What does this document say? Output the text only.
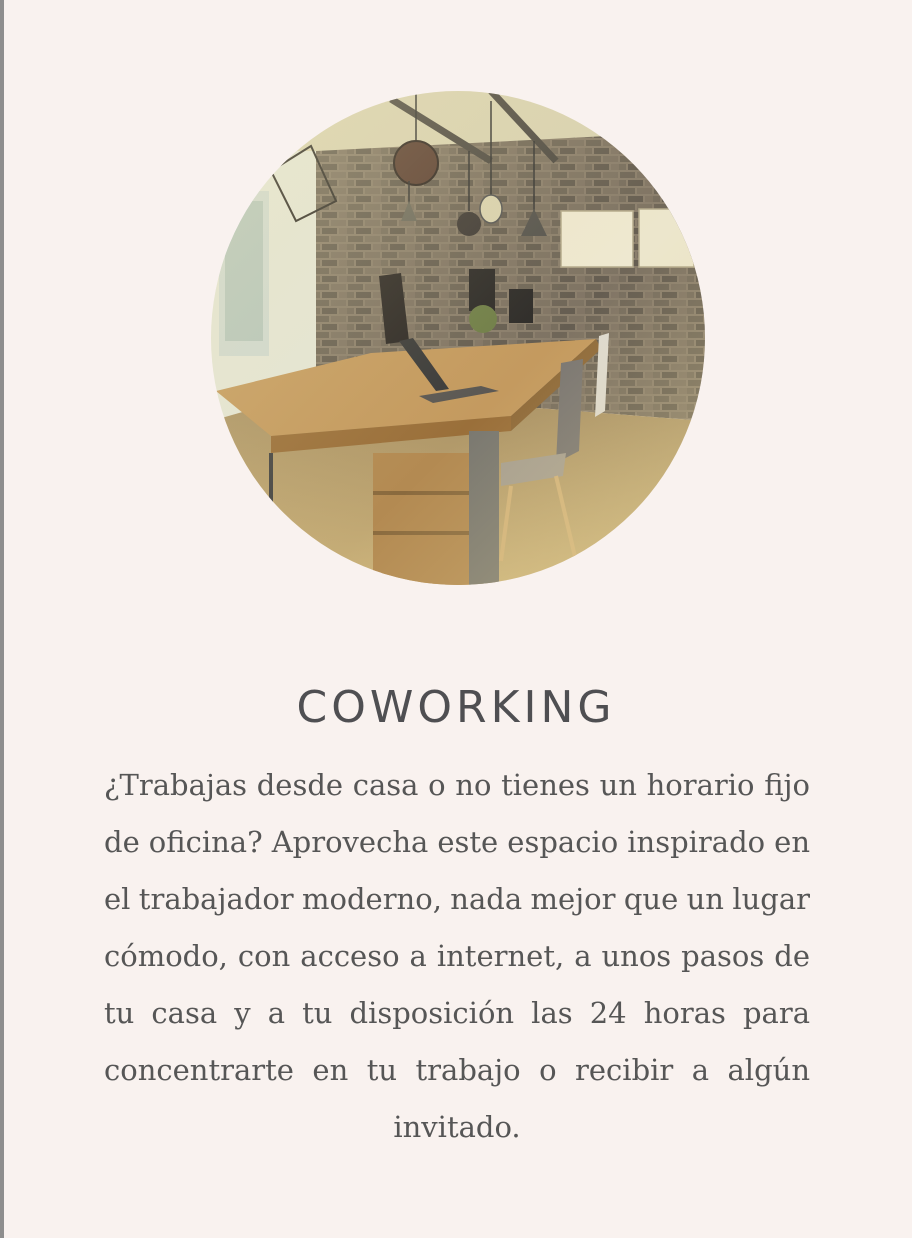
COWORKING

¿Trabajas desde casa o no tienes un horario fijo de oficina? Aprovecha este espacio inspirado en el trabajador moderno, nada mejor que un lugar cómodo, con acceso a internet, a unos pasos de tu casa y a tu disposición las 24 horas para concentrarte en tu trabajo o recibir a algún invitado.
